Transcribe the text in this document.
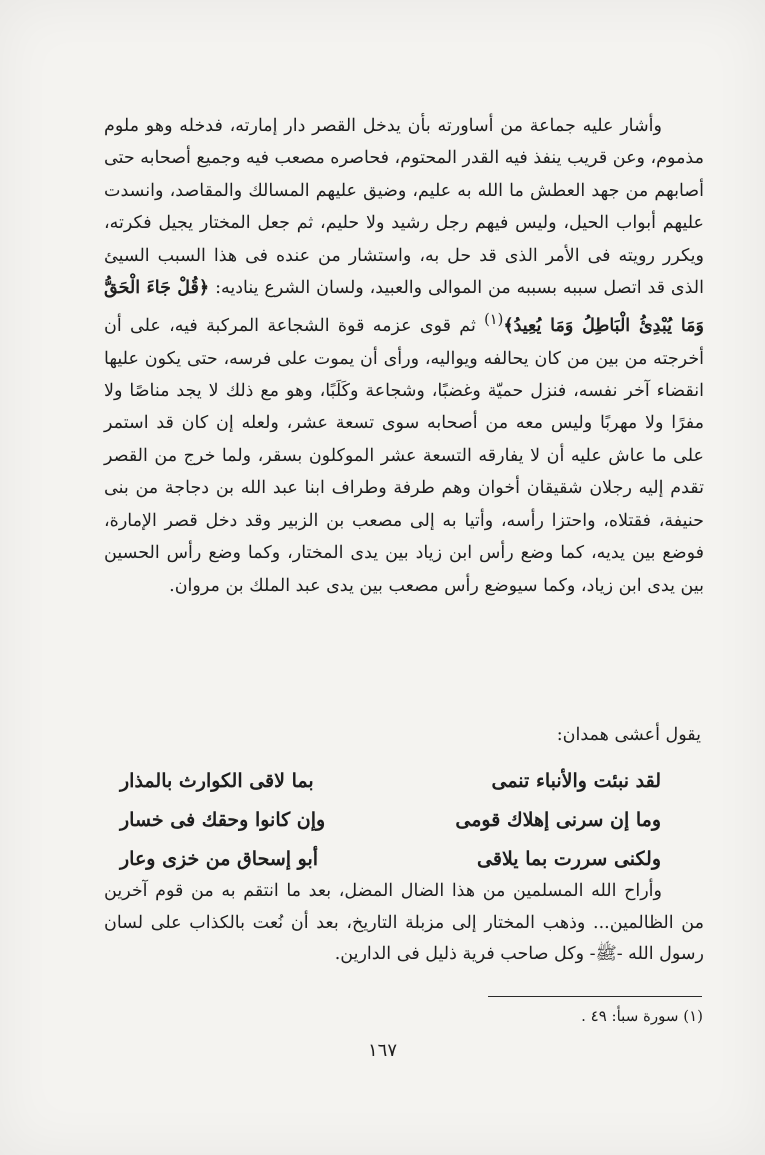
وأشار عليه جماعة من أساورته بأن يدخل القصر دار إمارته، فدخله وهو ملوم مذموم، وعن قريب ينفذ فيه القدر المحتوم، فحاصره مصعب فيه وجميع أصحابه حتى أصابهم من جهد العطش ما الله به عليم، وضيق عليهم المسالك والمقاصد، وانسدت عليهم أبواب الحيل، وليس فيهم رجل رشيد ولا حليم، ثم جعل المختار يجيل فكرته، ويكرر رويته فى الأمر الذى قد حل به، واستشار من عنده فى هذا السبب السيئ الذى قد اتصل سببه بسببه من الموالى والعبيد، ولسان الشرع يناديه: ﴿قُلْ جَاءَ الْحَقُّ وَمَا يُبْدِئُ الْبَاطِلُ وَمَا يُعِيدُ﴾$^{(١)}$ ثم قوى عزمه قوة الشجاعة المركبة فيه، على أن أخرجته من بين من كان يحالفه ويواليه، ورأى أن يموت على فرسه، حتى يكون عليها انقضاء آخر نفسه، فنزل حميّة وغضبًا، وشجاعة وكَلَبًا، وهو مع ذلك لا يجد مناصًا ولا مفرًا ولا مهربًا وليس معه من أصحابه سوى تسعة عشر، ولعله إن كان قد استمر على ما عاش عليه أن لا يفارقه التسعة عشر الموكلون بسقر، ولما خرج من القصر تقدم إليه رجلان شقيقان أخوان وهم طرفة وطراف ابنا عبد الله بن دجاجة من بنى حنيفة، فقتلاه، واحتزا رأسه، وأتيا به إلى مصعب بن الزبير وقد دخل قصر الإمارة، فوضع بين يديه، كما وضع رأس ابن زياد بين يدى المختار، وكما وضع رأس الحسين بين يدى ابن زياد، وكما سيوضع رأس مصعب بين يدى عبد الملك بن مروان.

يقول أعشى همدان:

لقد نبئت والأنباء تنمى
بما لاقى الكوارث بالمذار
وما إن سرنى إهلاك قومى
وإن كانوا وحقك فى خسار
ولكنى سررت بما يلاقى
أبو إسحاق من خزى وعار

وأراح الله المسلمين من هذا الضال المضل، بعد ما انتقم به من قوم آخرين من الظالمين... وذهب المختار إلى مزبلة التاريخ، بعد أن نُعت بالكذاب على لسان رسول الله -ﷺ- وكل صاحب فرية ذليل فى الدارين.

(١) سورة سبأ: ٤٩ .

١٦٧
